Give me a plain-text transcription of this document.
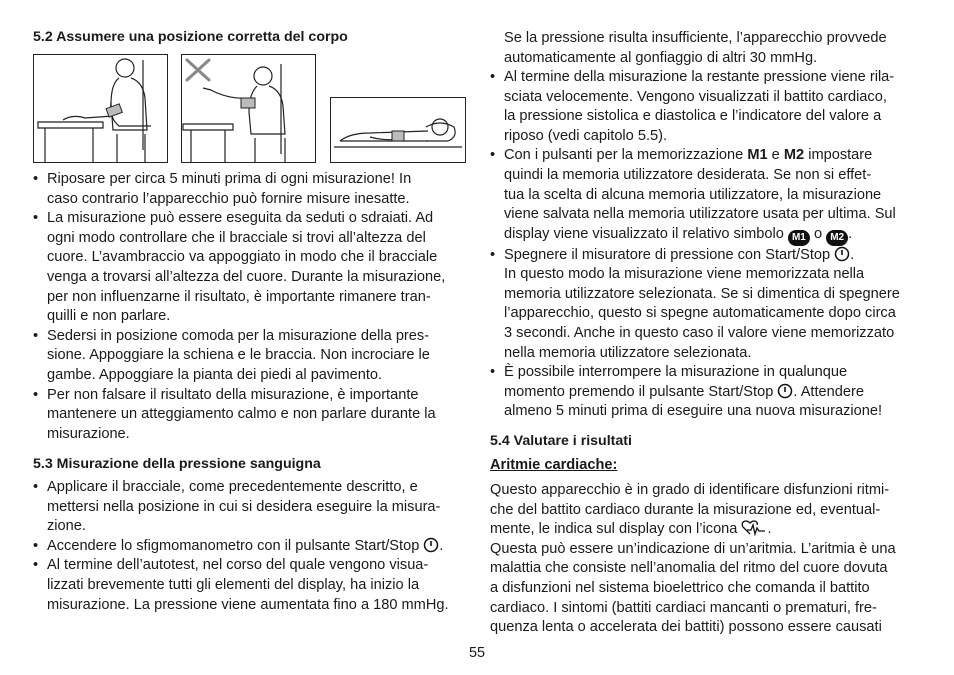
5.2 Assumere una posizione corretta del corpo
• Riposare per circa 5 minuti prima di ogni misurazione! In
caso contrario l’apparecchio può fornire misure inesatte.
• La misurazione può essere eseguita da seduti o sdraiati. Ad
ogni modo controllare che il bracciale si trovi all’altezza del
cuore. L’avambraccio va appoggiato in modo che il bracciale
venga a trovarsi all’altezza del cuore. Durante la misurazione,
per non influenzarne il risultato, è importante rimanere tran-
quilli e non parlare.
• Sedersi in posizione comoda per la misurazione della pres-
sione. Appoggiare la schiena e le braccia. Non incrociare le
gambe. Appoggiare la pianta dei piedi al pavimento.
• Per non falsare il risultato della misurazione, è importante
mantenere un atteggiamento calmo e non parlare durante la
misurazione.
5.3 Misurazione della pressione sanguigna
• Applicare il bracciale, come precedentemente descritto, e
mettersi nella posizione in cui si desidera eseguire la misura-
zione.
• Accendere lo sfigmomanometro con il pulsante Start/Stop .
• Al termine dell’autotest, nel corso del quale vengono visua-
lizzati brevemente tutti gli elementi del display, ha inizio la
misurazione. La pressione viene aumentata fino a 180 mmHg.
Se la pressione risulta insufficiente, l’apparecchio provvede
automaticamente al gonfiaggio di altri 30 mmHg.
• Al termine della misurazione la restante pressione viene rila-
sciata velocemente. Vengono visualizzati il battito cardiaco,
la pressione sistolica e diastolica e l’indicatore del valore a
riposo (vedi capitolo 5.5).
• Con i pulsanti per la memorizzazione M1 e M2 impostare
quindi la memoria utilizzatore desiderata. Se non si effet-
tua la scelta di alcuna memoria utilizzatore, la misurazione
viene salvata nella memoria utilizzatore usata per ultima. Sul
display viene visualizzato il relativo simbolo M1 o M2 .
• Spegnere il misuratore di pressione con Start/Stop .
In questo modo la misurazione viene memorizzata nella
memoria utilizzatore selezionata. Se si dimentica di spegnere
l’apparecchio, questo si spegne automaticamente dopo circa
3 secondi. Anche in questo caso il valore viene memorizzato
nella memoria utilizzatore selezionata.
• È possibile interrompere la misurazione in qualunque
momento premendo il pulsante Start/Stop . Attendere
almeno 5 minuti prima di eseguire una nuova misurazione!
5.4 Valutare i risultati
Aritmie cardiache:
Questo apparecchio è in grado di identificare disfunzioni ritmi-
che del battito cardiaco durante la misurazione ed, eventual-
mente, le indica sul display con l’icona .
Questa può essere un’indicazione di un’aritmia. L’aritmia è una
malattia che consiste nell’anomalia del ritmo del cuore dovuta
a disfunzioni nel sistema bioelettrico che comanda il battito
cardiaco. I sintomi (battiti cardiaci mancanti o prematuri, fre-
quenza lenta o accelerata dei battiti) possono essere causati
55
